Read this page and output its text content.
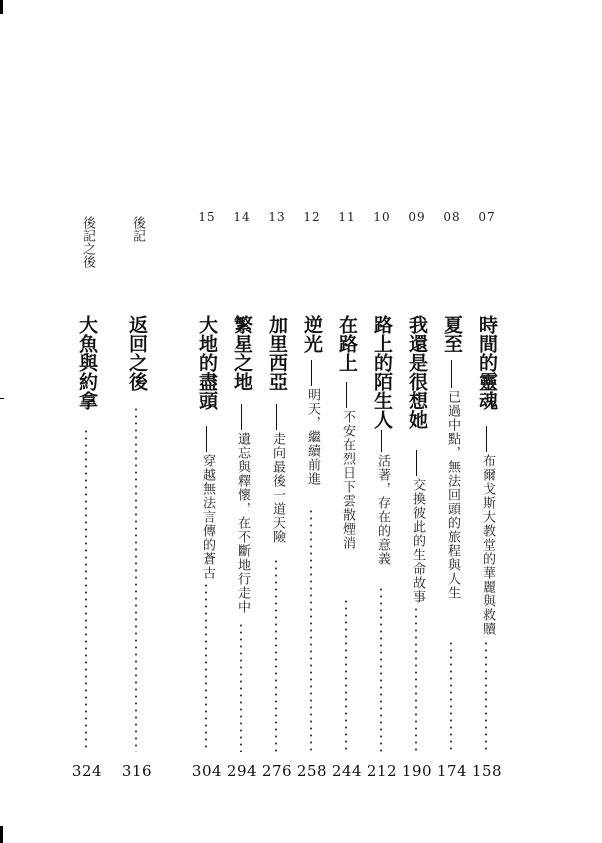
07
時間的靈魂
布爾戈斯大教堂的華麗與救贖
158
08
夏至
已過中點，無法回頭的旅程與人生
174
09
我還是很想她
交換彼此的生命故事
190
10
路上的陌生人
活著，存在的意義
212
11
在路上
不安在烈日下雲散煙消
244
12
逆光
明天，繼續前進
258
13
加里西亞
走向最後一道天險
276
14
繁星之地
遺忘與釋懷，在不斷地行走中
294
15
大地的盡頭
穿越無法言傳的蒼古
304
後記
返回之後
316
後記之後
大魚與約拿
324
